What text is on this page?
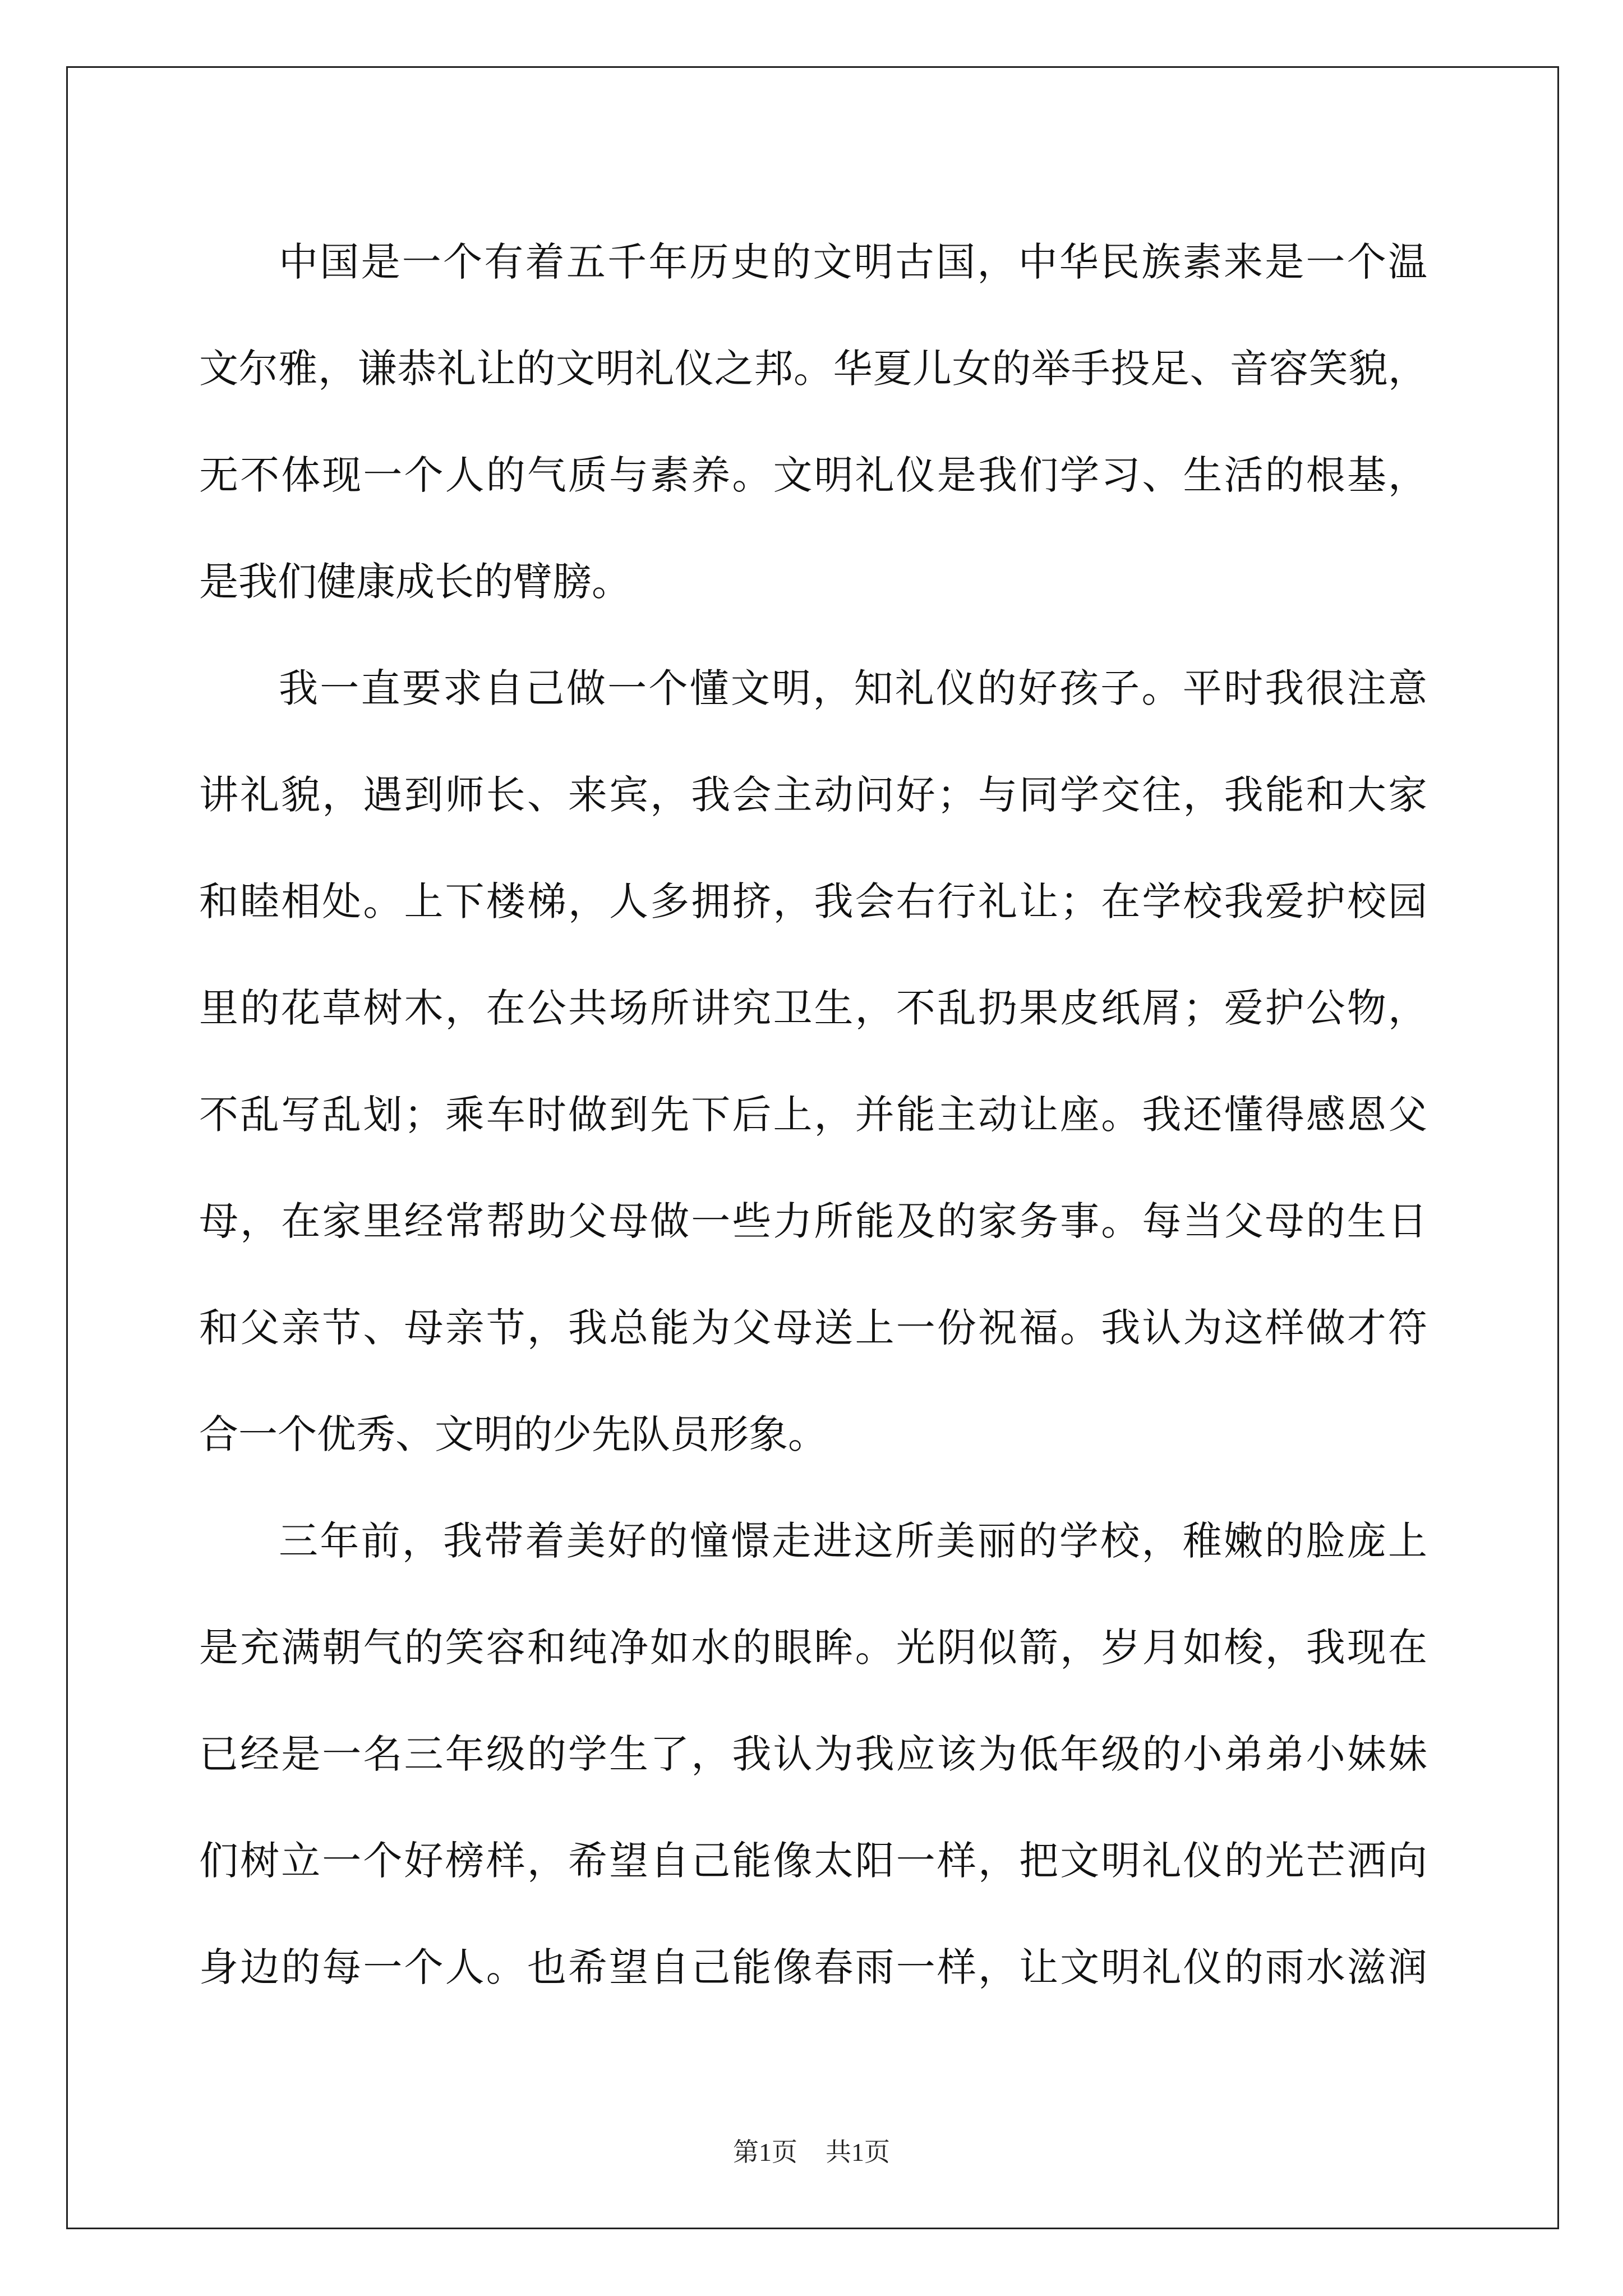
中国是一个有着五千年历史的文明古国，中华民族素来是一个温
文尔雅，谦恭礼让的文明礼仪之邦。华夏儿女的举手投足、音容笑貌，
无不体现一个人的气质与素养。文明礼仪是我们学习、生活的根基，
是我们健康成长的臂膀。
我一直要求自己做一个懂文明，知礼仪的好孩子。平时我很注意
讲礼貌，遇到师长、来宾，我会主动问好；与同学交往，我能和大家
和睦相处。上下楼梯，人多拥挤，我会右行礼让；在学校我爱护校园
里的花草树木，在公共场所讲究卫生，不乱扔果皮纸屑；爱护公物，
不乱写乱划；乘车时做到先下后上，并能主动让座。我还懂得感恩父
母，在家里经常帮助父母做一些力所能及的家务事。每当父母的生日
和父亲节、母亲节，我总能为父母送上一份祝福。我认为这样做才符
合一个优秀、文明的少先队员形象。
三年前，我带着美好的憧憬走进这所美丽的学校，稚嫩的脸庞上
是充满朝气的笑容和纯净如水的眼眸。光阴似箭，岁月如梭，我现在
已经是一名三年级的学生了，我认为我应该为低年级的小弟弟小妹妹
们树立一个好榜样，希望自己能像太阳一样，把文明礼仪的光芒洒向
身边的每一个人。也希望自己能像春雨一样，让文明礼仪的雨水滋润
第1页 共1页
